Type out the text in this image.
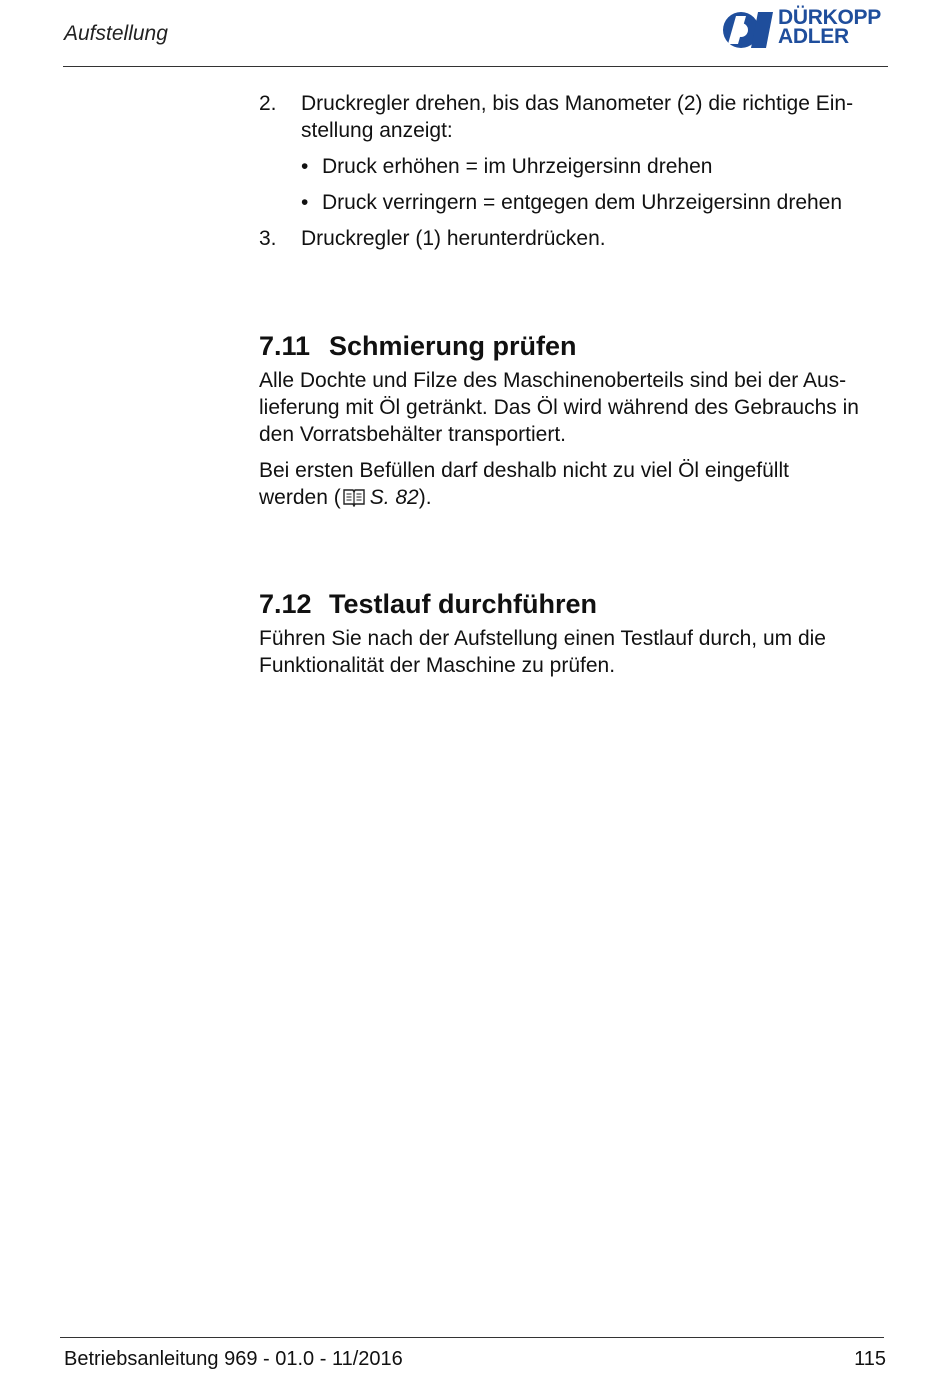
Aufstellung
DÜRKOPP
ADLER
2. Druckregler drehen, bis das Manometer (2) die richtige Ein-
stellung anzeigt:
• Druck erhöhen = im Uhrzeigersinn drehen
• Druck verringern = entgegen dem Uhrzeigersinn drehen
3. Druckregler (1) herunterdrücken.
7.11 Schmierung prüfen
Alle Dochte und Filze des Maschinenoberteils sind bei der Aus-
lieferung mit Öl getränkt. Das Öl wird während des Gebrauchs in
den Vorratsbehälter transportiert.
Bei ersten Befüllen darf deshalb nicht zu viel Öl eingefüllt
werden ( S. 82).
7.12 Testlauf durchführen
Führen Sie nach der Aufstellung einen Testlauf durch, um die
Funktionalität der Maschine zu prüfen.
Betriebsanleitung 969 - 01.0 - 11/2016	115
